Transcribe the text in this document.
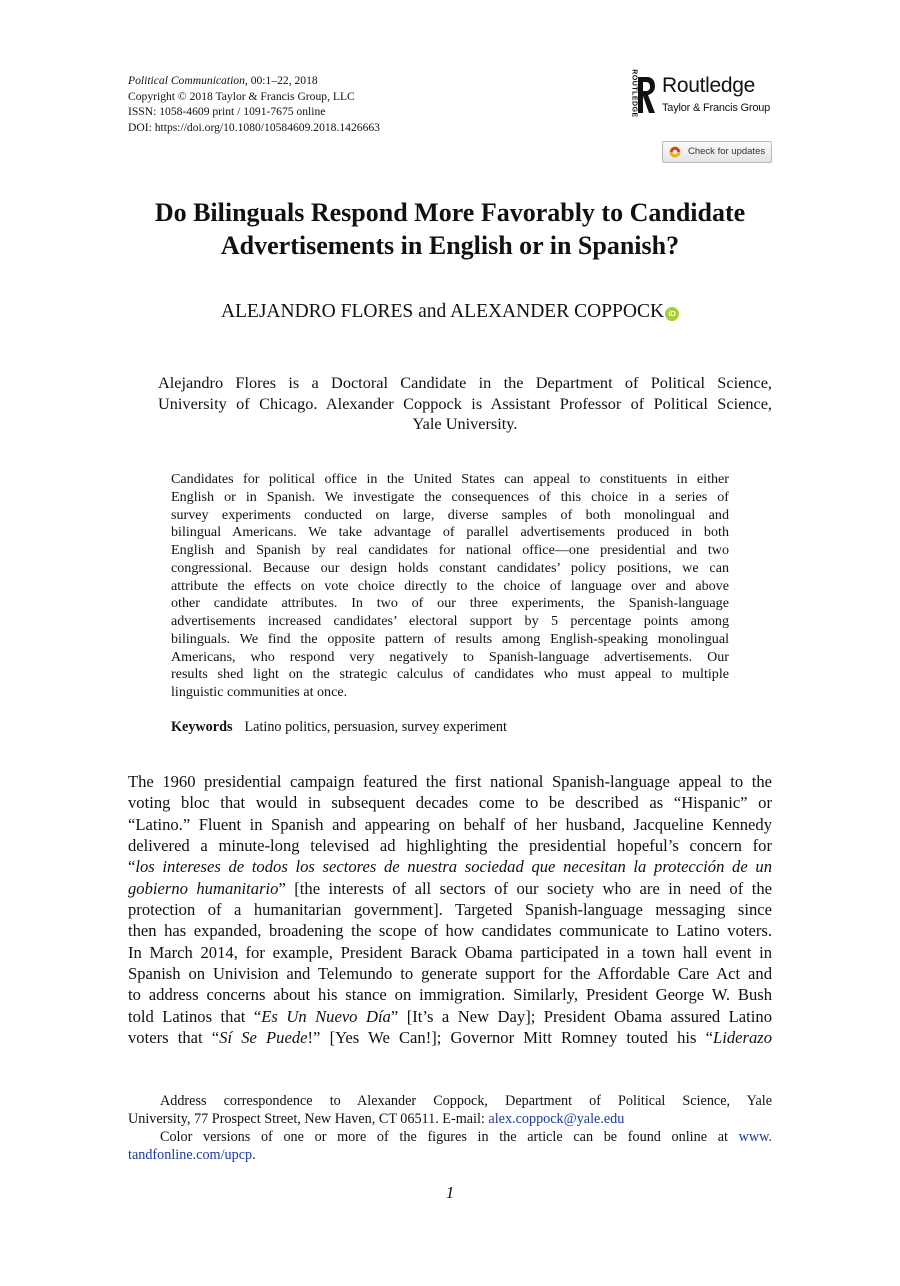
Political Communication, 00:1–22, 2018
Copyright © 2018 Taylor & Francis Group, LLC
ISSN: 1058-4609 print / 1091-7675 online
DOI: https://doi.org/10.1080/10584609.2018.1426663
ROUTLEDGE Routledge
Taylor & Francis Group
Check for updates
Do Bilinguals Respond More Favorably to Candidate
Advertisements in English or in Spanish?
ALEJANDRO FLORES and ALEXANDER COPPOCK iD
Alejandro Flores is a Doctoral Candidate in the Department of Political Science,
University of Chicago. Alexander Coppock is Assistant Professor of Political Science,
Yale University.
Candidates for political office in the United States can appeal to constituents in either
English or in Spanish. We investigate the consequences of this choice in a series of
survey experiments conducted on large, diverse samples of both monolingual and
bilingual Americans. We take advantage of parallel advertisements produced in both
English and Spanish by real candidates for national office—one presidential and two
congressional. Because our design holds constant candidates’ policy positions, we can
attribute the effects on vote choice directly to the choice of language over and above
other candidate attributes. In two of our three experiments, the Spanish-language
advertisements increased candidates’ electoral support by 5 percentage points among
bilinguals. We find the opposite pattern of results among English-speaking monolingual
Americans, who respond very negatively to Spanish-language advertisements. Our
results shed light on the strategic calculus of candidates who must appeal to multiple
linguistic communities at once.
Keywords Latino politics, persuasion, survey experiment
The 1960 presidential campaign featured the first national Spanish-language appeal to the
voting bloc that would in subsequent decades come to be described as “Hispanic” or
“Latino.” Fluent in Spanish and appearing on behalf of her husband, Jacqueline Kennedy
delivered a minute-long televised ad highlighting the presidential hopeful’s concern for
“los intereses de todos los sectores de nuestra sociedad que necesitan la protección de un
gobierno humanitario” [the interests of all sectors of our society who are in need of the
protection of a humanitarian government]. Targeted Spanish-language messaging since
then has expanded, broadening the scope of how candidates communicate to Latino voters.
In March 2014, for example, President Barack Obama participated in a town hall event in
Spanish on Univision and Telemundo to generate support for the Affordable Care Act and
to address concerns about his stance on immigration. Similarly, President George W. Bush
told Latinos that “Es Un Nuevo Día” [It’s a New Day]; President Obama assured Latino
voters that “Sí Se Puede!” [Yes We Can!]; Governor Mitt Romney touted his “Liderazo
Address correspondence to Alexander Coppock, Department of Political Science, Yale
University, 77 Prospect Street, New Haven, CT 06511. E-mail: alex.coppock@yale.edu
Color versions of one or more of the figures in the article can be found online at www.
tandfonline.com/upcp.
1
